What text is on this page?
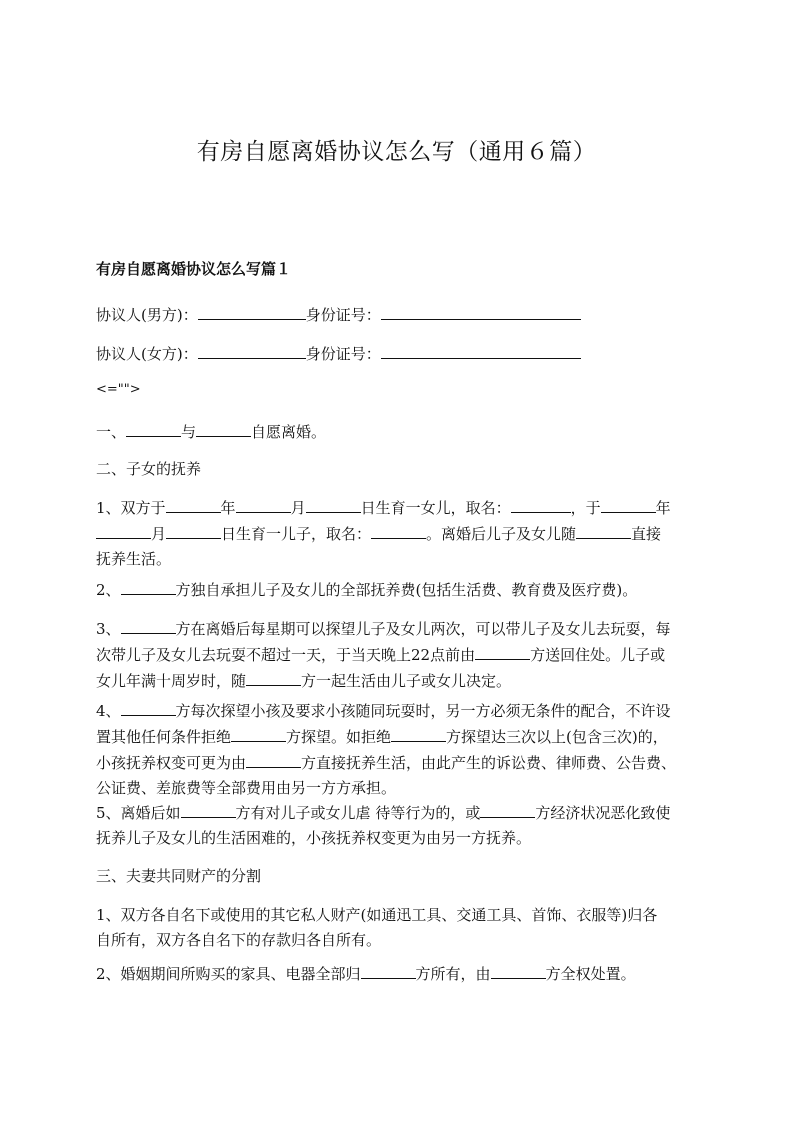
有房自愿离婚协议怎么写（通用６篇）
有房自愿离婚协议怎么写篇１
协议人(男方)：	身份证号：
协议人(女方)：	身份证号：
<="">
一、	与	自愿离婚。
二、子女的抚养
1、双方于	年	月	日生育一女儿，取名：	，于	年
月	日生育一儿子，取名：	。离婚后儿子及女儿随	直接
抚养生活。
2、	方独自承担儿子及女儿的全部抚养费(包括生活费、教育费及医疗费)。
3、	方在离婚后每星期可以探望儿子及女儿两次，可以带儿子及女儿去玩耍，每
次带儿子及女儿去玩耍不超过一天，于当天晚上22点前由	方送回住处。儿子或
女儿年满十周岁时，随	方一起生活由儿子或女儿决定。
4、	方每次探望小孩及要求小孩随同玩耍时，另一方必须无条件的配合，不许设
置其他任何条件拒绝	方探望。如拒绝	方探望达三次以上(包含三次)的，
小孩抚养权变可更为由	方直接抚养生活，由此产生的诉讼费、律师费、公告费、
公证费、差旅费等全部费用由另一方方承担。
5、离婚后如	方有对儿子或女儿虐 待等行为的，或	方经济状况恶化致使
抚养儿子及女儿的生活困难的，小孩抚养权变更为由另一方抚养。
三、夫妻共同财产的分割
1、双方各自名下或使用的其它私人财产(如通迅工具、交通工具、首饰、衣服等)归各
自所有，双方各自名下的存款归各自所有。
2、婚姻期间所购买的家具、电器全部归	方所有，由	方全权处置。
